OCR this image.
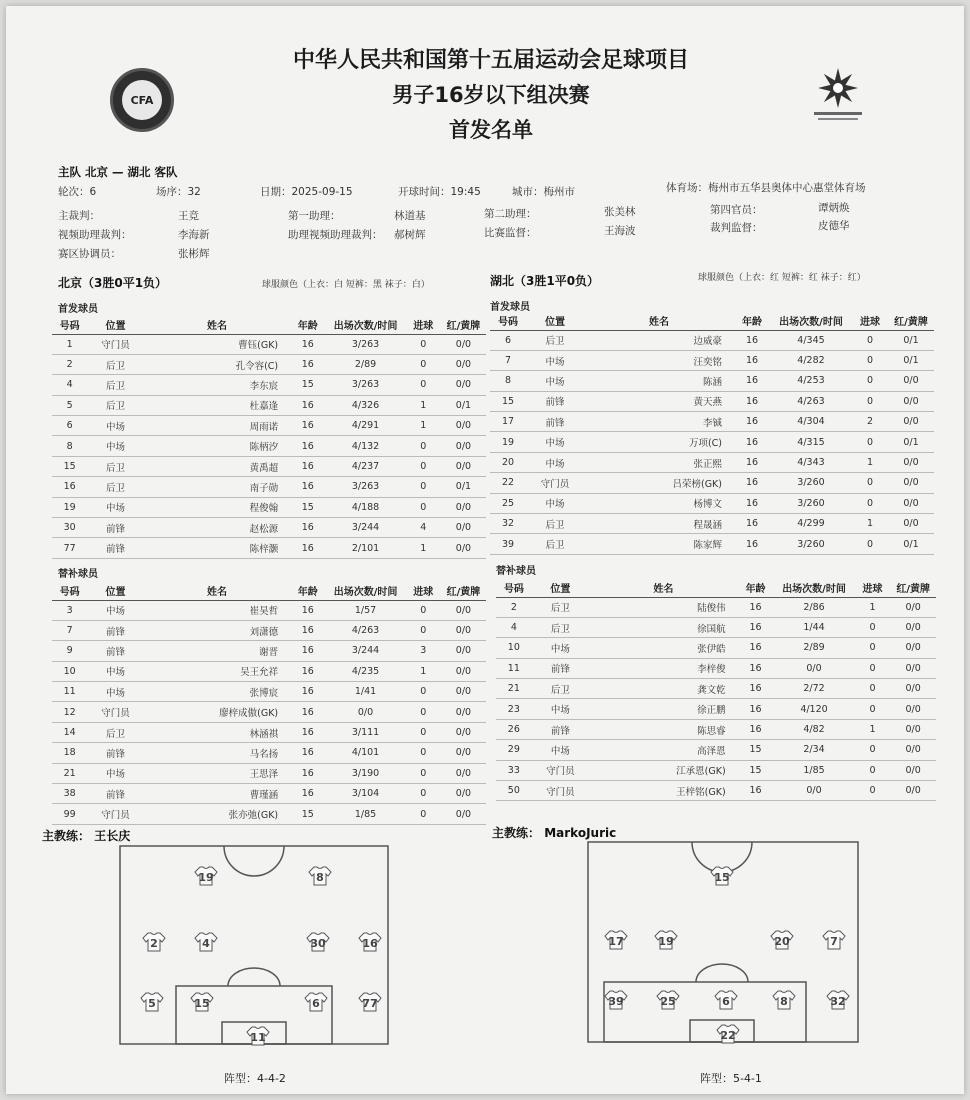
CFA
中华人民共和国第十五届运动会足球项目
男子16岁以下组决赛
首发名单
主队 北京 — 湖北 客队
轮次：6	场序：32	日期：2025-09-15	开球时间：19:45	城市：梅州市	体育场：梅州市五华县奥体中心惠堂体育场
主裁判：	王竞	第一助理：	林道基	第二助理：	张美林	第四官员：	谭炳焕
视频助理裁判：	李海新	助理视频助理裁判： 郝树辉	比赛监督：	王海波	裁判监督：	皮德华
赛区协调员：	张彬辉
北京（3胜0平1负）	球服颜色（上衣：白 短裤：黑 袜子：白）	湖北（3胜1平0负）	球服颜色（上衣：红 短裤：红 袜子：红）
首发球员	首发球员
号码	位置	姓名	年龄	出场次数/时间	进球	红/黄牌
1	守门员	曹钰(GK)	16	3/263	0	0/0
2	后卫	孔令容(C)	16	2/89	0	0/0
4	后卫	李东宸	15	3/263	0	0/0
5	后卫	杜嘉逢	16	4/326	1	0/1
6	中场	周雨诺	16	4/291	1	0/0
8	中场	陈柄汐	16	4/132	0	0/0
15	后卫	黄禹超	16	4/237	0	0/0
16	后卫	南子勋	16	3/263	0	0/1
19	中场	程俊翰	15	4/188	0	0/0
30	前锋	赵松源	16	3/244	4	0/0
77	前锋	陈梓灏	16	2/101	1	0/0
号码	位置	姓名	年龄	出场次数/时间	进球	红/黄牌
6	后卫	边威豪	16	4/345	0	0/1
7	中场	汪奕铭	16	4/282	0	0/1
8	中场	陈涵	16	4/253	0	0/0
15	前锋	黄天燕	16	4/263	0	0/0
17	前锋	李铖	16	4/304	2	0/0
19	中场	万项(C)	16	4/315	0	0/1
20	中场	张正熙	16	4/343	1	0/0
22	守门员	吕荣榜(GK)	16	3/260	0	0/0
25	中场	杨博文	16	3/260	0	0/0
32	后卫	程晟涵	16	4/299	1	0/0
39	后卫	陈家辉	16	3/260	0	0/1
替补球员	替补球员
号码	位置	姓名	年龄	出场次数/时间	进球	红/黄牌
3	中场	崔昊哲	16	1/57	0	0/0
7	前锋	刘潇德	16	4/263	0	0/0
9	前锋	谢晋	16	3/244	3	0/0
10	中场	吴王允祥	16	4/235	1	0/0
11	中场	张博宸	16	1/41	0	0/0
12	守门员	廖梓成傲(GK)	16	0/0	0	0/0
14	后卫	林涵祺	16	3/111	0	0/0
18	前锋	马名扬	16	4/101	0	0/0
21	中场	王思泽	16	3/190	0	0/0
38	前锋	曹瑾涵	16	3/104	0	0/0
99	守门员	张亦弛(GK)	15	1/85	0	0/0
号码	位置	姓名	年龄	出场次数/时间	进球	红/黄牌
2	后卫	陆俊伟	16	2/86	1	0/0
4	后卫	徐国航	16	1/44	0	0/0
10	中场	张伊皓	16	2/89	0	0/0
11	前锋	李梓俊	16	0/0	0	0/0
21	后卫	龚文乾	16	2/72	0	0/0
23	中场	徐正鹏	16	4/120	0	0/0
26	前锋	陈思睿	16	4/82	1	0/0
29	中场	高泽恩	15	2/34	0	0/0
33	守门员	江承恩(GK)	15	1/85	0	0/0
50	守门员	王梓铭(GK)	16	0/0	0	0/0
主教练： 王长庆	主教练： MarkoJuric
19	8
2	4	30	16
5	15	6	77
11
阵型：4-4-2
15
17	19	20	7
39	25	6	8	32
22
阵型：5-4-1
